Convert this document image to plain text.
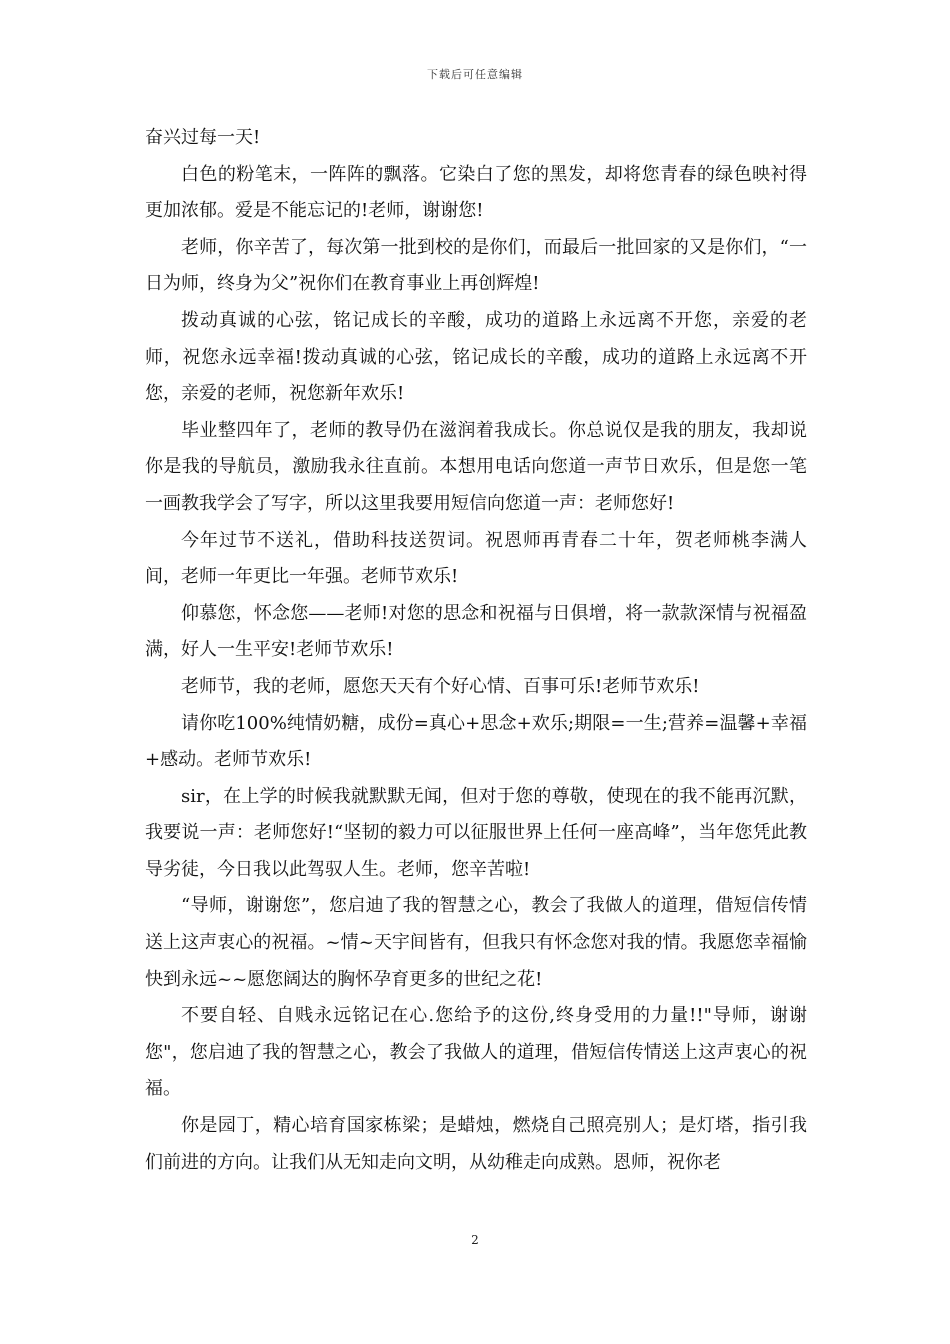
下载后可任意编辑

奋兴过每一天!

白色的粉笔末，一阵阵的飘落。它染白了您的黑发，却将您青春的绿色映衬得更加浓郁。爱是不能忘记的!老师，谢谢您!

老师，你辛苦了，每次第一批到校的是你们，而最后一批回家的又是你们，“一日为师，终身为父”祝你们在教育事业上再创辉煌!

拨动真诚的心弦，铭记成长的辛酸，成功的道路上永远离不开您，亲爱的老师，祝您永远幸福!拨动真诚的心弦，铭记成长的辛酸，成功的道路上永远离不开您，亲爱的老师，祝您新年欢乐!

毕业整四年了，老师的教导仍在滋润着我成长。你总说仅是我的朋友，我却说你是我的导航员，激励我永往直前。本想用电话向您道一声节日欢乐，但是您一笔一画教我学会了写字，所以这里我要用短信向您道一声：老师您好!

今年过节不送礼，借助科技送贺词。祝恩师再青春二十年，贺老师桃李满人间，老师一年更比一年强。老师节欢乐!

仰慕您，怀念您——老师!对您的思念和祝福与日俱增，将一款款深情与祝福盈满，好人一生平安!老师节欢乐!

老师节，我的老师，愿您天天有个好心情、百事可乐!老师节欢乐!

请你吃100%纯情奶糖，成份=真心+思念+欢乐;期限=一生;营养=温馨+幸福+感动。老师节欢乐!

sir，在上学的时候我就默默无闻，但对于您的尊敬，使现在的我不能再沉默，我要说一声：老师您好!“坚韧的毅力可以征服世界上任何一座高峰”，当年您凭此教导劣徒，今日我以此驾驭人生。老师，您辛苦啦!

“导师，谢谢您”，您启迪了我的智慧之心，教会了我做人的道理，借短信传情送上这声衷心的祝福。~情~天宇间皆有，但我只有怀念您对我的情。我愿您幸福愉快到永远~~愿您阔达的胸怀孕育更多的世纪之花!

不要自轻、自贱永远铭记在心.您给予的这份,终身受用的力量!!"导师，谢谢您"，您启迪了我的智慧之心，教会了我做人的道理，借短信传情送上这声衷心的祝福。

你是园丁，精心培育国家栋梁；是蜡烛，燃烧自己照亮别人；是灯塔，指引我们前进的方向。让我们从无知走向文明，从幼稚走向成熟。恩师，祝你老

2
